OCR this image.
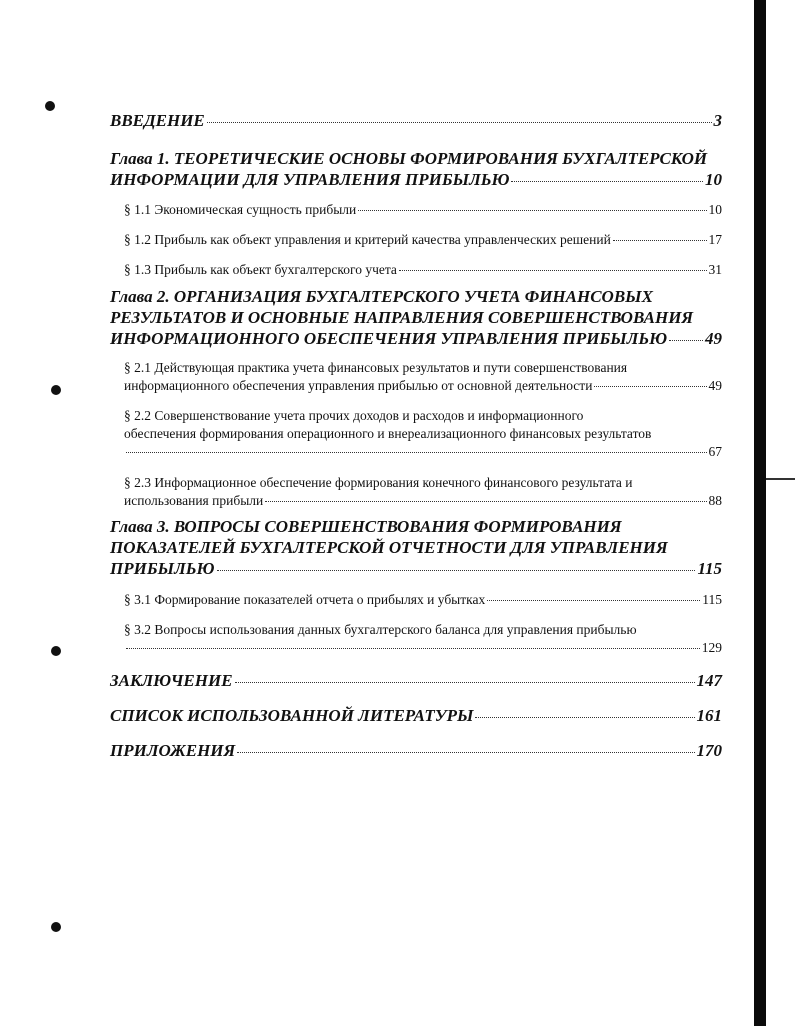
ВВЕДЕНИЕ	3
Глава 1. ТЕОРЕТИЧЕСКИЕ ОСНОВЫ ФОРМИРОВАНИЯ БУХГАЛТЕРСКОЙ
ИНФОРМАЦИИ ДЛЯ УПРАВЛЕНИЯ ПРИБЫЛЬЮ	10
§ 1.1 Экономическая сущность прибыли	10
§ 1.2 Прибыль как объект управления и критерий качества управленческих решений	17
§ 1.3 Прибыль как объект бухгалтерского учета	31
Глава 2. ОРГАНИЗАЦИЯ БУХГАЛТЕРСКОГО УЧЕТА ФИНАНСОВЫХ
РЕЗУЛЬТАТОВ И ОСНОВНЫЕ НАПРАВЛЕНИЯ СОВЕРШЕНСТВОВАНИЯ
ИНФОРМАЦИОННОГО ОБЕСПЕЧЕНИЯ УПРАВЛЕНИЯ ПРИБЫЛЬЮ 49
§ 2.1 Действующая практика учета финансовых результатов и пути совершенствования
информационного обеспечения управления прибылью от основной деятельности	49
§ 2.2 Совершенствование учета прочих доходов и расходов и информационного
обеспечения формирования операционного и внереализационного финансовых результатов
67
§ 2.3 Информационное обеспечение формирования конечного финансового результата и
использования прибыли	88
Глава 3. ВОПРОСЫ СОВЕРШЕНСТВОВАНИЯ ФОРМИРОВАНИЯ
ПОКАЗАТЕЛЕЙ БУХГАЛТЕРСКОЙ ОТЧЕТНОСТИ ДЛЯ УПРАВЛЕНИЯ
ПРИБЫЛЬЮ	115
§ 3.1 Формирование показателей отчета о прибылях и убытках	115
§ 3.2 Вопросы использования данных бухгалтерского баланса для управления прибылью
129
ЗАКЛЮЧЕНИЕ	147
СПИСОК ИСПОЛЬЗОВАННОЙ ЛИТЕРАТУРЫ	161
ПРИЛОЖЕНИЯ	170
